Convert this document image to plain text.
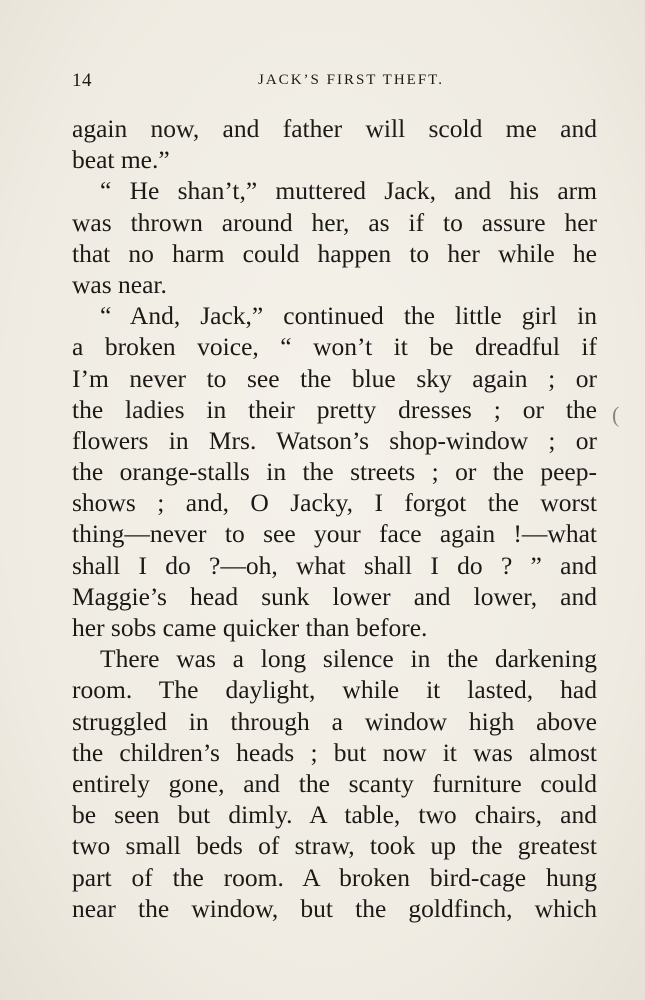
14	JACK’S FIRST THEFT.
again now, and father will scold me and
beat me.”
“ He shan’t,” muttered Jack, and his arm
was thrown around her, as if to assure her
that no harm could happen to her while he
was near.
“ And, Jack,” continued the little girl in
a broken voice, “ won’t it be dreadful if
I’m never to see the blue sky again ; or
the ladies in their pretty dresses ; or the
flowers in Mrs. Watson’s shop-window ; or
the orange-stalls in the streets ; or the peep-
shows ; and, O Jacky, I forgot the worst
thing—never to see your face again !—what
shall I do ?—oh, what shall I do ? ” and
Maggie’s head sunk lower and lower, and
her sobs came quicker than before.
There was a long silence in the darkening
room. The daylight, while it lasted, had
struggled in through a window high above
the children’s heads ; but now it was almost
entirely gone, and the scanty furniture could
be seen but dimly. A table, two chairs, and
two small beds of straw, took up the greatest
part of the room. A broken bird-cage hung
near the window, but the goldfinch, which
(
